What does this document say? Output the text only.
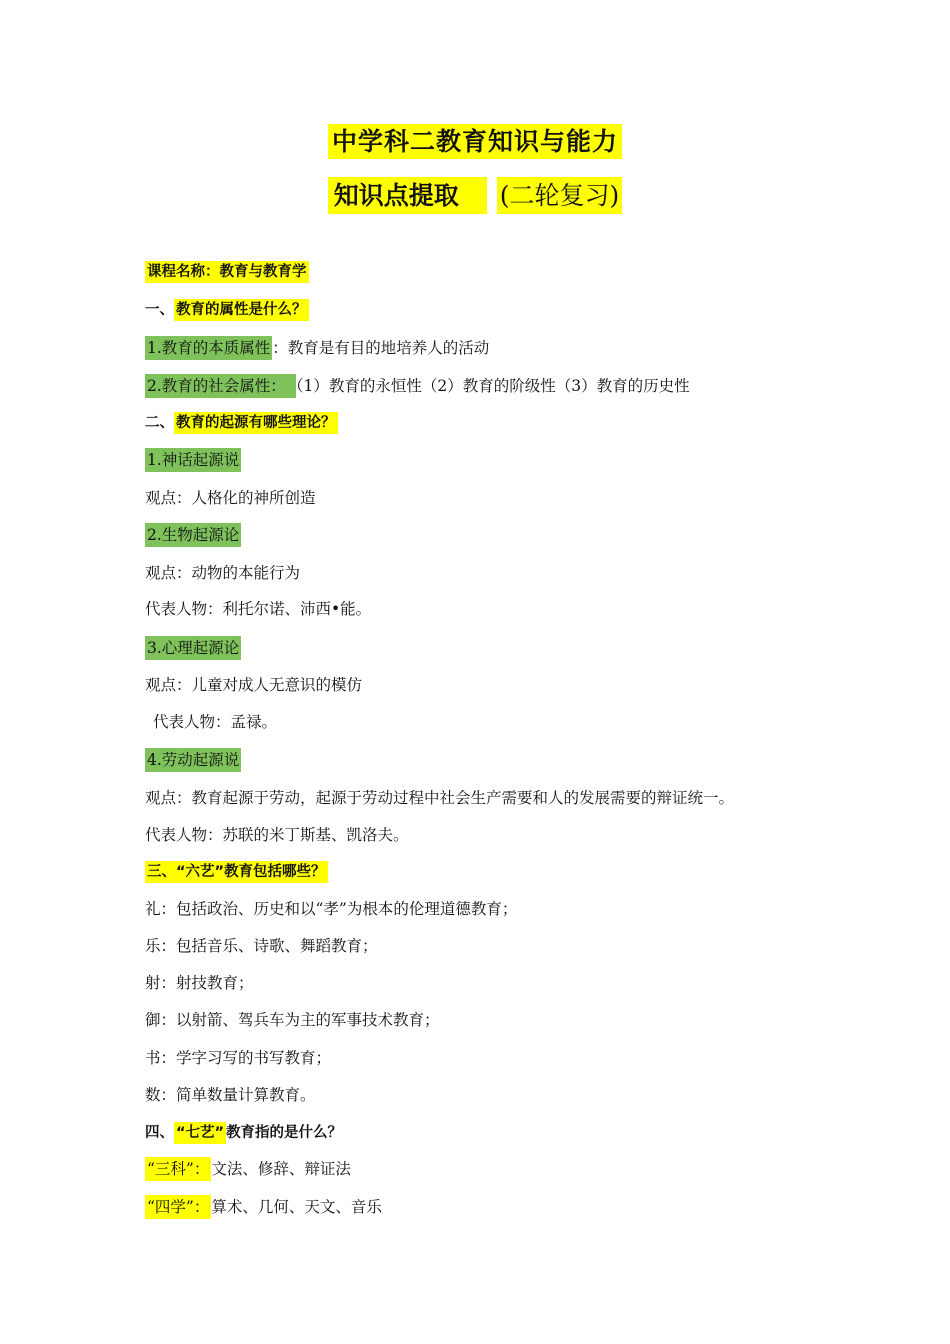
中学科二教育知识与能力
知识点提取 (二轮复习)
课程名称：教育与教育学
一、 教育的属性是什么？
1.教育的本质属性 ：教育是有目的地培养人的活动
2.教育的社会属性： （1）教育的永恒性（2）教育的阶级性（3）教育的历史性
二、 教育的起源有哪些理论？
1.神话起源说
观点：人格化的神所创造
2.生物起源论
观点：动物的本能行为
代表人物：利托尔诺、沛西•能。
3.心理起源论
观点：儿童对成人无意识的模仿
代表人物：孟禄。
4.劳动起源说
观点：教育起源于劳动，起源于劳动过程中社会生产需要和人的发展需要的辩证统一。
代表人物：苏联的米丁斯基、凯洛夫。
三、“六艺”教育包括哪些？
礼：包括政治、历史和以“孝”为根本的伦理道德教育；
乐：包括音乐、诗歌、舞蹈教育；
射：射技教育；
御：以射箭、驾兵车为主的军事技术教育；
书：学字习写的书写教育；
数：简单数量计算教育。
四、 “七艺” 教育指的是什么？
“三科”： 文法、修辞、辩证法
“四学”： 算术、几何、天文、音乐
